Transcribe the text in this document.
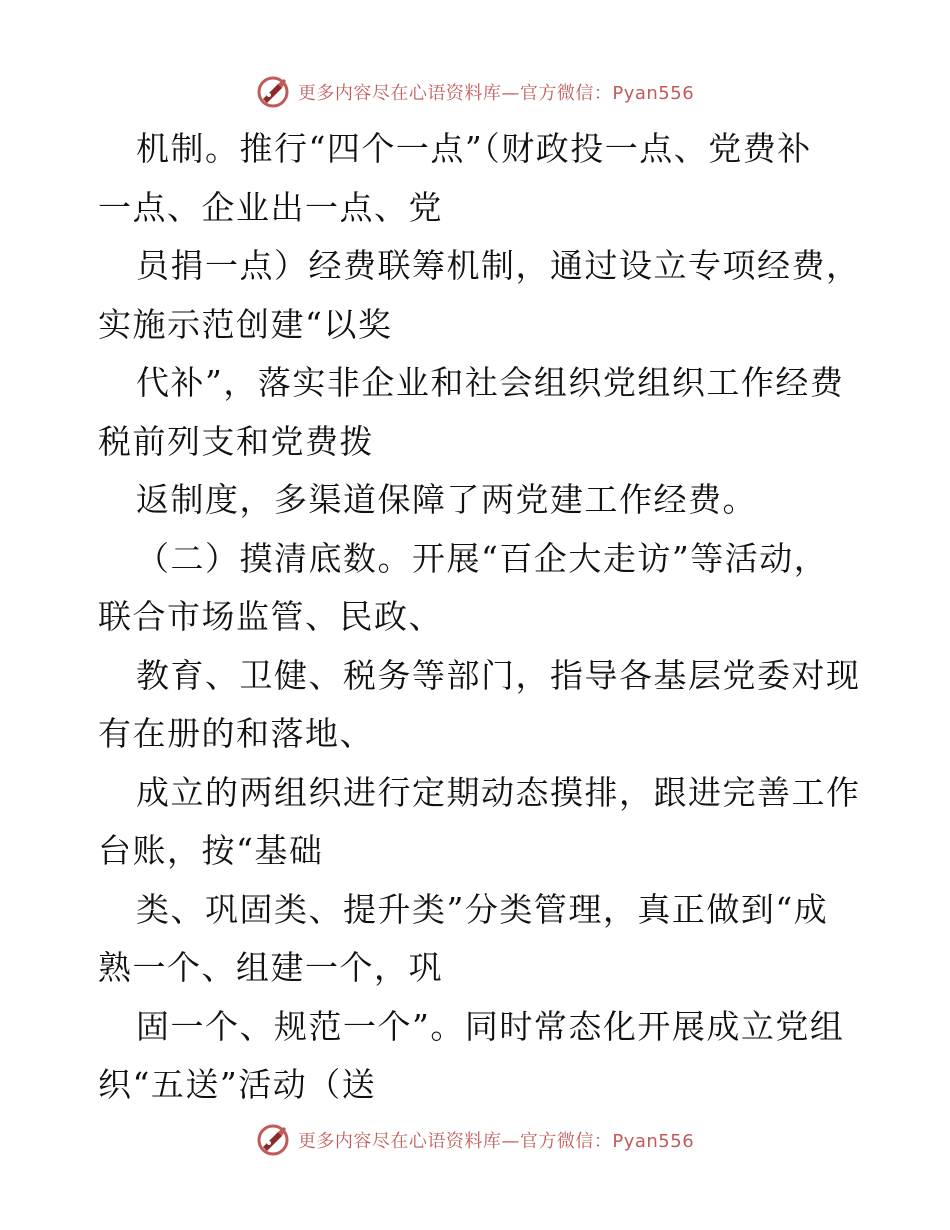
更多内容尽在心语资料库—官方微信：Pyan556
机制。推行“四个一点”（财政投一点、党费补
一点、企业出一点、党
员捐一点）经费联筹机制，通过设立专项经费，
实施示范创建“以奖
代补”，落实非企业和社会组织党组织工作经费
税前列支和党费拨
返制度，多渠道保障了两党建工作经费。
（二）摸清底数。开展“百企大走访”等活动，
联合市场监管、民政、
教育、卫健、税务等部门，指导各基层党委对现
有在册的和落地、
成立的两组织进行定期动态摸排，跟进完善工作
台账，按“基础
类、巩固类、提升类”分类管理，真正做到“成
熟一个、组建一个，巩
固一个、规范一个”。同时常态化开展成立党组
织“五送”活动（送
更多内容尽在心语资料库—官方微信：Pyan556
